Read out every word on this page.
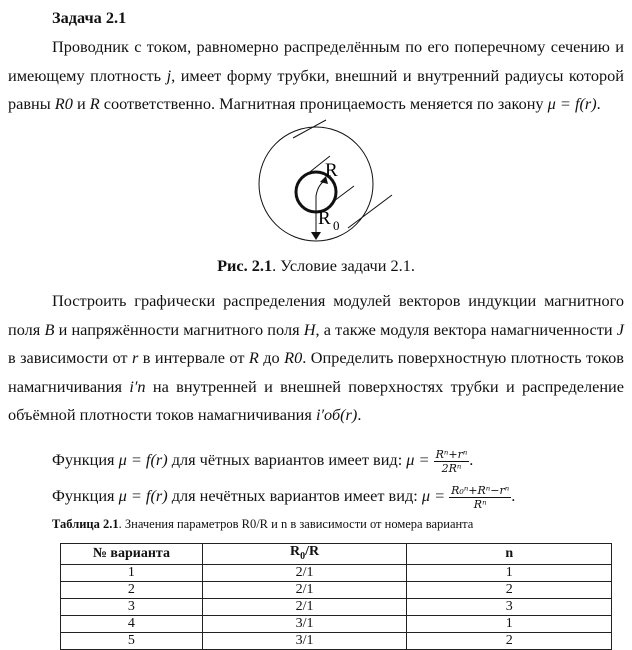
Задача 2.1
Проводник с током, равномерно распределённым по его поперечному сечению и имеющему плотность j, имеет форму трубки, внешний и внутренний радиусы которой равны R0 и R соответственно. Магнитная проницаемость меняется по закону μ = f(r).
R
R 0
Рис. 2.1. Условие задачи 2.1.
Построить графически распределения модулей векторов индукции магнитного поля B и напряжённости магнитного поля H, а также модуля вектора намагниченности J в зависимости от r в интервале от R до R0. Определить поверхностную плотность токов намагничивания i′п на внутренней и внешней поверхностях трубки и распределение объёмной плотности токов намагничивания i′об(r).
Функция μ = f(r) для чётных вариантов имеет вид: $\mu = \frac{\text{Rⁿ+rⁿ}}{\text{2Rⁿ}}$ .
Функция μ = f(r) для нечётных вариантов имеет вид: $\mu = \frac{\text{R₀ⁿ+Rⁿ−rⁿ}}{\text{Rⁿ}}$ .
Таблица 2.1. Значения параметров R0/R и n в зависимости от номера варианта
№ варианта	$R_0/R$	n
1	2/1	1
2	2/1	2
3	2/1	3
4	3/1	1
5	3/1	2
